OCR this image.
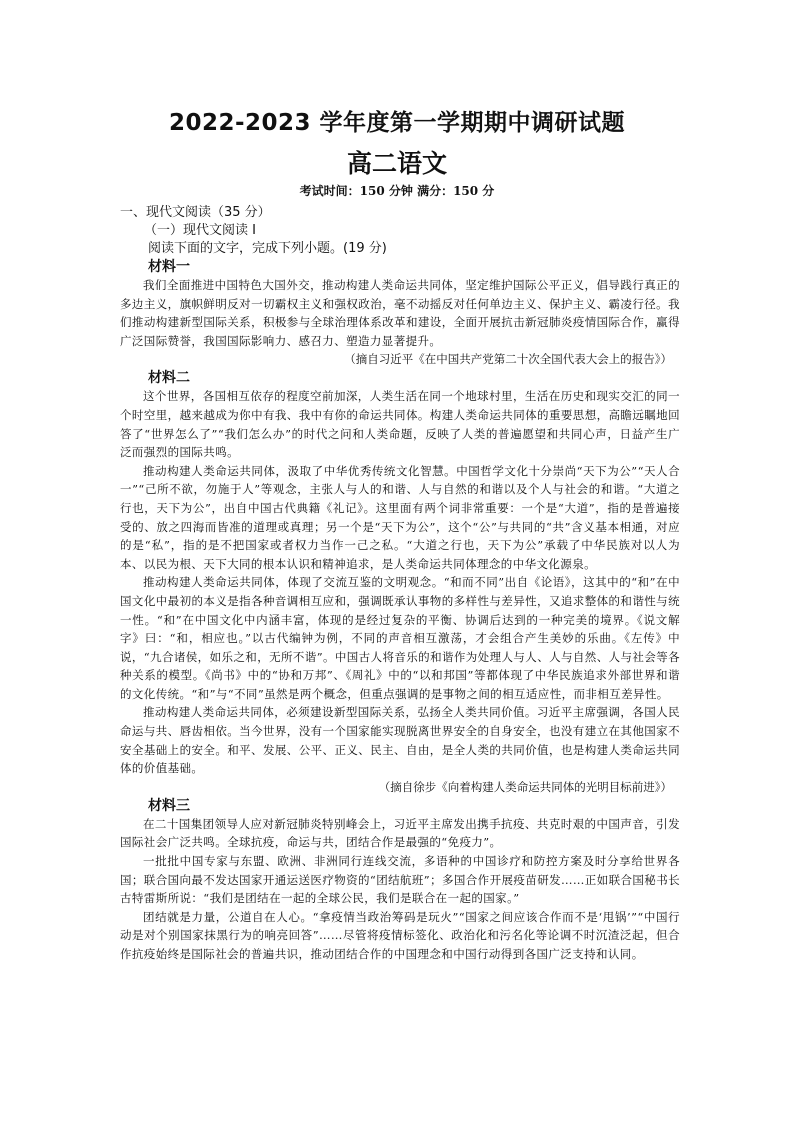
2022-2023 学年度第一学期期中调研试题
高二语文
考试时间：150 分钟 满分：150 分

一、现代文阅读（35 分）

（一）现代文阅读 I

阅读下面的文字，完成下列小题。(19 分)

材料一

我们全面推进中国特色大国外交，推动构建人类命运共同体，坚定维护国际公平正义，倡导践行真正的多边主义，旗帜鲜明反对一切霸权主义和强权政治，毫不动摇反对任何单边主义、保护主义、霸凌行径。我们推动构建新型国际关系，积极参与全球治理体系改革和建设，全面开展抗击新冠肺炎疫情国际合作，赢得广泛国际赞誉，我国国际影响力、感召力、塑造力显著提升。

（摘自习近平《在中国共产党第二十次全国代表大会上的报告》）

材料二

这个世界，各国相互依存的程度空前加深，人类生活在同一个地球村里，生活在历史和现实交汇的同一个时空里，越来越成为你中有我、我中有你的命运共同体。构建人类命运共同体的重要思想，高瞻远瞩地回答了“世界怎么了”“我们怎么办”的时代之问和人类命题，反映了人类的普遍愿望和共同心声，日益产生广泛而强烈的国际共鸣。

推动构建人类命运共同体，汲取了中华优秀传统文化智慧。中国哲学文化十分崇尚“天下为公”“天人合一”“己所不欲，勿施于人”等观念，主张人与人的和谐、人与自然的和谐以及个人与社会的和谐。“大道之行也，天下为公”，出自中国古代典籍《礼记》。这里面有两个词非常重要：一个是“大道”，指的是普遍接受的、放之四海而皆准的道理或真理；另一个是“天下为公”，这个“公”与共同的“共”含义基本相通，对应的是“私”，指的是不把国家或者权力当作一己之私。“大道之行也，天下为公”承载了中华民族对以人为本、以民为根、天下大同的根本认识和精神追求，是人类命运共同体理念的中华文化源泉。

推动构建人类命运共同体，体现了交流互鉴的文明观念。“和而不同”出自《论语》，这其中的“和”在中国文化中最初的本义是指各种音调相互应和，强调既承认事物的多样性与差异性，又追求整体的和谐性与统一性。“和”在中国文化中内涵丰富，体现的是经过复杂的平衡、协调后达到的一种完美的境界。《说文解字》曰：“和，相应也。”以古代编钟为例，不同的声音相互激荡，才会组合产生美妙的乐曲。《左传》中说，“九合诸侯，如乐之和，无所不谐”。中国古人将音乐的和谐作为处理人与人、人与自然、人与社会等各种关系的模型。《尚书》中的“协和万邦”、《周礼》中的“以和邦国”等都体现了中华民族追求外部世界和谐的文化传统。“和”与“不同”虽然是两个概念，但重点强调的是事物之间的相互适应性，而非相互差异性。

推动构建人类命运共同体，必须建设新型国际关系，弘扬全人类共同价值。习近平主席强调，各国人民命运与共、唇齿相依。当今世界，没有一个国家能实现脱离世界安全的自身安全，也没有建立在其他国家不安全基础上的安全。和平、发展、公平、正义、民主、自由，是全人类的共同价值，也是构建人类命运共同体的价值基础。

（摘自徐步《向着构建人类命运共同体的光明目标前进》）

材料三

在二十国集团领导人应对新冠肺炎特别峰会上，习近平主席发出携手抗疫、共克时艰的中国声音，引发国际社会广泛共鸣。全球抗疫，命运与共，团结合作是最强的“免疫力”。

一批批中国专家与东盟、欧洲、非洲同行连线交流，多语种的中国诊疗和防控方案及时分享给世界各国；联合国向最不发达国家开通运送医疗物资的“团结航班”；多国合作开展疫苗研发……正如联合国秘书长古特雷斯所说：“我们是团结在一起的全球公民，我们是联合在一起的国家。”

团结就是力量，公道自在人心。“拿疫情当政治筹码是玩火”“国家之间应该合作而不是‘甩锅’”“中国行动是对个别国家抹黑行为的响亮回答”……尽管将疫情标签化、政治化和污名化等论调不时沉渣泛起，但合作抗疫始终是国际社会的普遍共识，推动团结合作的中国理念和中国行动得到各国广泛支持和认同。
